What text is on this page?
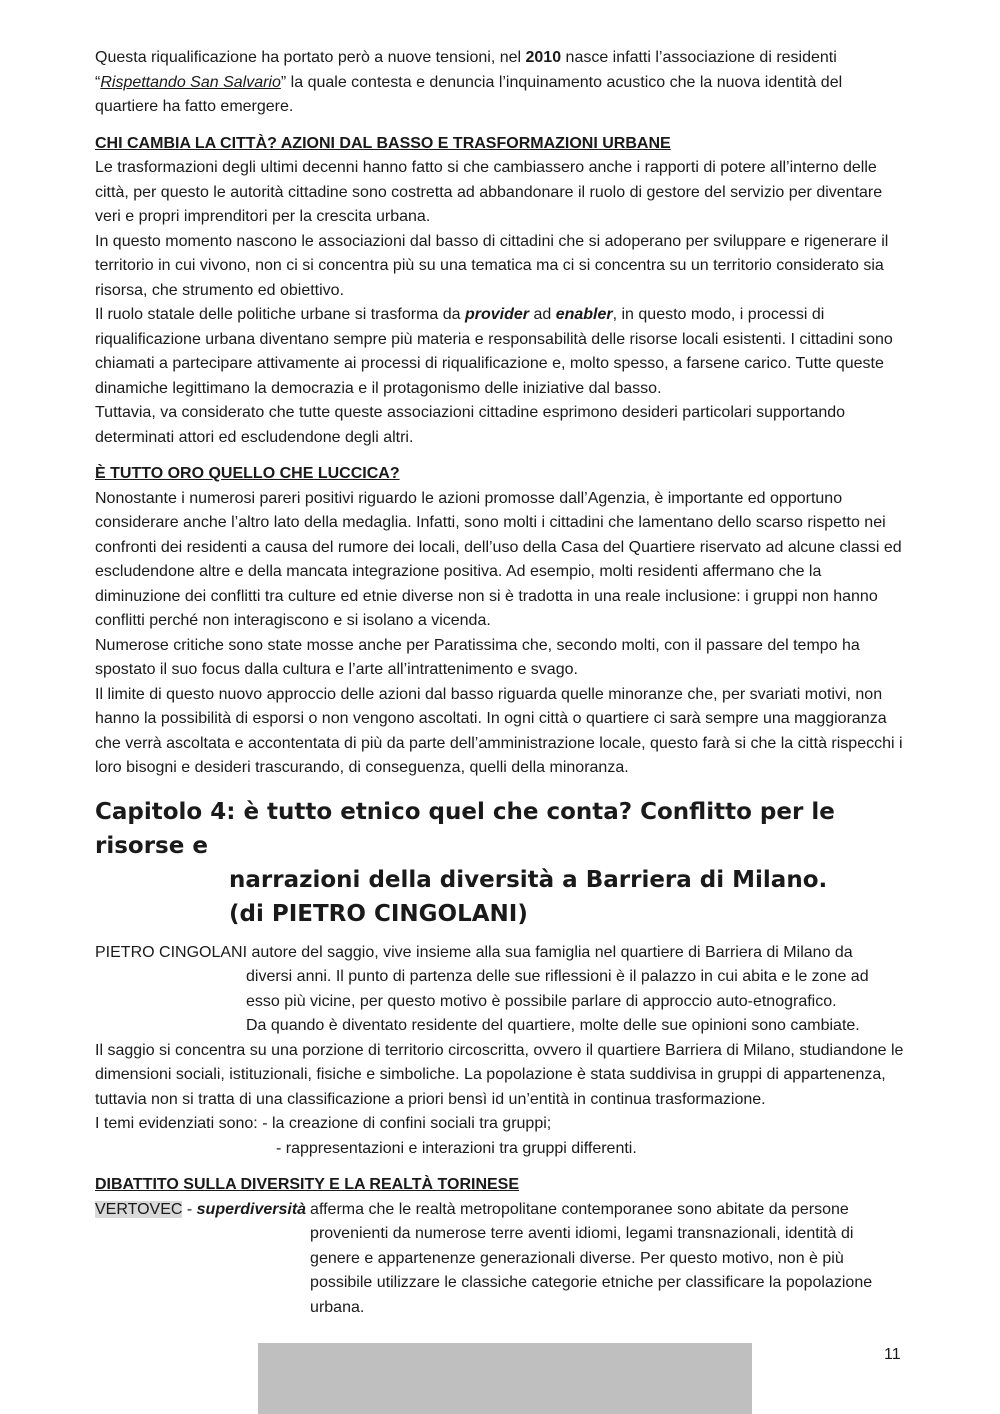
Questa riqualificazione ha portato però a nuove tensioni, nel 2010 nasce infatti l’associazione di residenti “Rispettando San Salvario” la quale contesta e denuncia l’inquinamento acustico che la nuova identità del quartiere ha fatto emergere.

CHI CAMBIA LA CITTÀ? AZIONI DAL BASSO E TRASFORMAZIONI URBANE

Le trasformazioni degli ultimi decenni hanno fatto si che cambiassero anche i rapporti di potere all’interno delle città, per questo le autorità cittadine sono costretta ad abbandonare il ruolo di gestore del servizio per diventare veri e propri imprenditori per la crescita urbana.

In questo momento nascono le associazioni dal basso di cittadini che si adoperano per sviluppare e rigenerare il territorio in cui vivono, non ci si concentra più su una tematica ma ci si concentra su un territorio considerato sia risorsa, che strumento ed obiettivo.

Il ruolo statale delle politiche urbane si trasforma da provider ad enabler, in questo modo, i processi di riqualificazione urbana diventano sempre più materia e responsabilità delle risorse locali esistenti. I cittadini sono chiamati a partecipare attivamente ai processi di riqualificazione e, molto spesso, a farsene carico. Tutte queste dinamiche legittimano la democrazia e il protagonismo delle iniziative dal basso.

Tuttavia, va considerato che tutte queste associazioni cittadine esprimono desideri particolari supportando determinati attori ed escludendone degli altri.

È TUTTO ORO QUELLO CHE LUCCICA?

Nonostante i numerosi pareri positivi riguardo le azioni promosse dall’Agenzia, è importante ed opportuno considerare anche l’altro lato della medaglia. Infatti, sono molti i cittadini che lamentano dello scarso rispetto nei confronti dei residenti a causa del rumore dei locali, dell’uso della Casa del Quartiere riservato ad alcune classi ed escludendone altre e della mancata integrazione positiva. Ad esempio, molti residenti affermano che la diminuzione dei conflitti tra culture ed etnie diverse non si è tradotta in una reale inclusione: i gruppi non hanno conflitti perché non interagiscono e si isolano a vicenda.

Numerose critiche sono state mosse anche per Paratissima che, secondo molti, con il passare del tempo ha spostato il suo focus dalla cultura e l’arte all’intrattenimento e svago.

Il limite di questo nuovo approccio delle azioni dal basso riguarda quelle minoranze che, per svariati motivi, non hanno la possibilità di esporsi o non vengono ascoltati. In ogni città o quartiere ci sarà sempre una maggioranza che verrà ascoltata e accontentata di più da parte dell’amministrazione locale, questo farà si che la città rispecchi i loro bisogni e desideri trascurando, di conseguenza, quelli della minoranza.

Capitolo 4: è tutto etnico quel che conta? Conflitto per le risorse e
narrazioni della diversità a Barriera di Milano.
(di PIETRO CINGOLANI)

PIETRO CINGOLANI autore del saggio, vive insieme alla sua famiglia nel quartiere di Barriera di Milano da

diversi anni. Il punto di partenza delle sue riflessioni è il palazzo in cui abita e le zone ad esso più vicine, per questo motivo è possibile parlare di approccio auto-etnografico.

Da quando è diventato residente del quartiere, molte delle sue opinioni sono cambiate.

Il saggio si concentra su una porzione di territorio circoscritta, ovvero il quartiere Barriera di Milano, studiandone le dimensioni sociali, istituzionali, fisiche e simboliche. La popolazione è stata suddivisa in gruppi di appartenenza, tuttavia non si tratta di una classificazione a priori bensì id un’entità in continua trasformazione.

I temi evidenziati sono: - la creazione di confini sociali tra gruppi;

- rappresentazioni e interazioni tra gruppi differenti.

DIBATTITO SULLA DIVERSITY E LA REALTÀ TORINESE

VERTOVEC - superdiversità afferma che le realtà metropolitane contemporanee sono abitate da persone provenienti da numerose terre aventi idiomi, legami transnazionali, identità di genere e appartenenze generazionali diverse. Per questo motivo, non è più possibile utilizzare le classiche categorie etniche per classificare la popolazione urbana.
11
